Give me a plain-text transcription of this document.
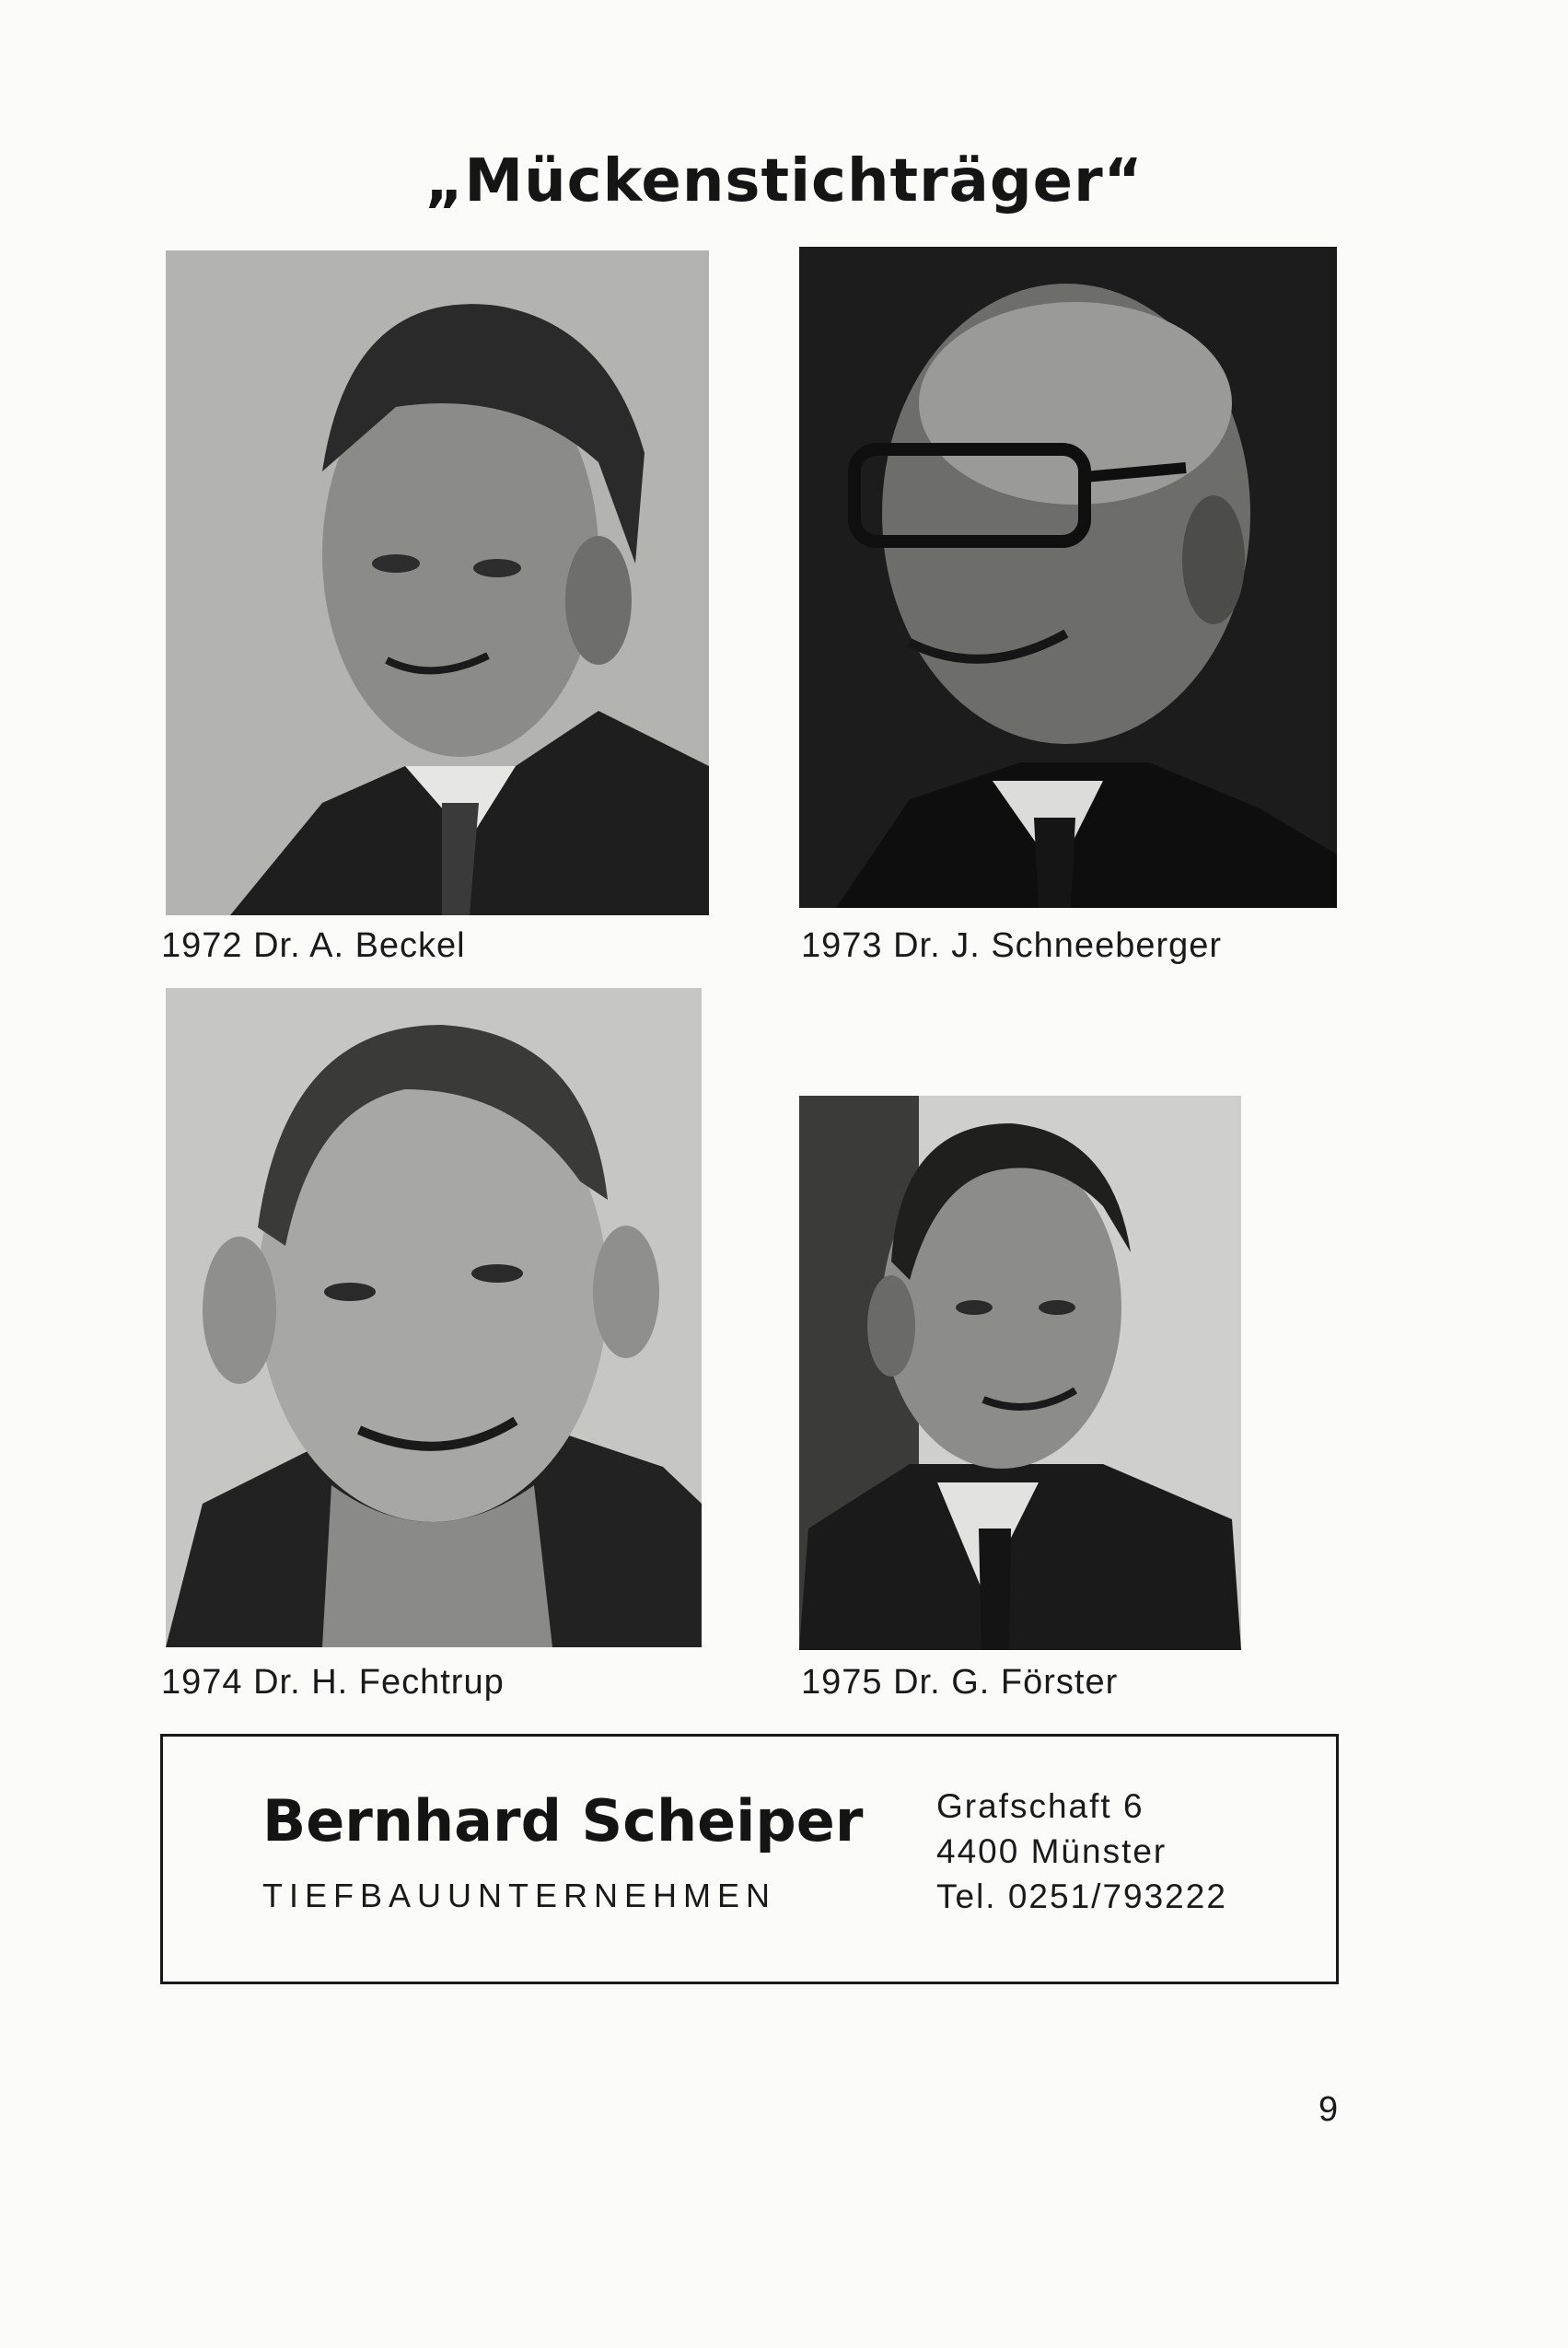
„Mückenstichträger“
1972 Dr. A. Beckel	1973 Dr. J. Schneeberger
1974 Dr. H. Fechtrup	1975 Dr. G. Förster
Bernhard Scheiper
TIEFBAUUNTERNEHMEN
Grafschaft 6
4400 Münster
Tel. 0251/793222
9
